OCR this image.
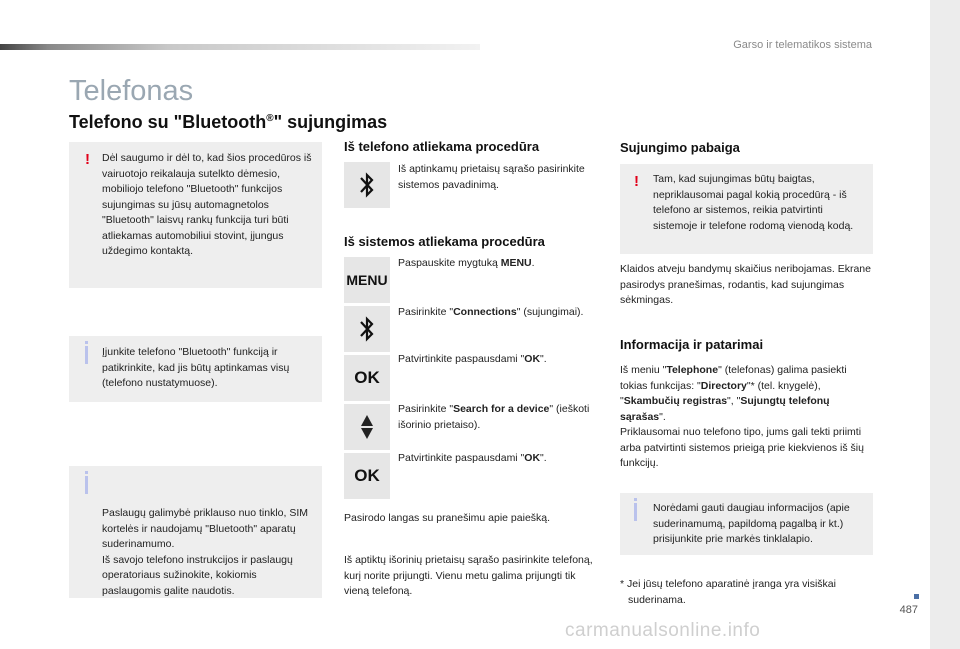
Garso ir telematikos sistema
Telefonas
Telefono su "Bluetooth®" sujungimas
! Dėl saugumo ir dėl to, kad šios procedūros iš vairuotojo reikalauja sutelkto dėmesio, mobiliojo telefono "Bluetooth" funkcijos sujungimas su jūsų automagnetolos "Bluetooth" laisvų rankų funkcija turi būti atliekamas automobiliui stovint, įjungus uždegimo kontaktą.
Įjunkite telefono "Bluetooth" funkciją ir patikrinkite, kad jis būtų aptinkamas visų (telefono nustatymuose).

Paslaugų galimybė priklauso nuo tinklo, SIM kortelės ir naudojamų "Bluetooth" aparatų suderinamumo.
Iš savojo telefono instrukcijos ir paslaugų operatoriaus sužinokite, kokiomis paslaugomis galite naudotis.

Iš telefono atliekama procedūra
Iš aptinkamų prietaisų sąrašo pasirinkite sistemos pavadinimą.
Iš sistemos atliekama procedūra
MENU
Paspauskite mygtuką MENU.
Pasirinkite "Connections" (sujungimai).
OK
Patvirtinkite paspausdami "OK".
Pasirinkite "Search for a device" (ieškoti išorinio prietaiso).
OK
Patvirtinkite paspausdami "OK".
Pasirodo langas su pranešimu apie paiešką.
Iš aptiktų išorinių prietaisų sąrašo pasirinkite telefoną, kurį norite prijungti. Vienu metu galima prijungti tik vieną telefoną.
Sujungimo pabaiga
! Tam, kad sujungimas būtų baigtas, nepriklausomai pagal kokią procedūrą - iš telefono ar sistemos, reikia patvirtinti sistemoje ir telefone rodomą vienodą kodą.
Klaidos atveju bandymų skaičius neribojamas. Ekrane pasirodys pranešimas, rodantis, kad sujungimas sėkmingas.
Informacija ir patarimai
Iš meniu "Telephone" (telefonas) galima pasiekti tokias funkcijas: "Directory"* (tel. knygelė), "Skambučių registras", "Sujungtų telefonų sąrašas".
Priklausomai nuo telefono tipo, jums gali tekti priimti arba patvirtinti sistemos prieigą prie kiekvienos iš šių funkcijų.
Norėdami gauti daugiau informacijos (apie suderinamumą, papildomą pagalbą ir kt.) prisijunkite prie markės tinklalapio.
* Jei jūsų telefono aparatinė įranga yra visiškai suderinama.
487
carmanualsonline.info
